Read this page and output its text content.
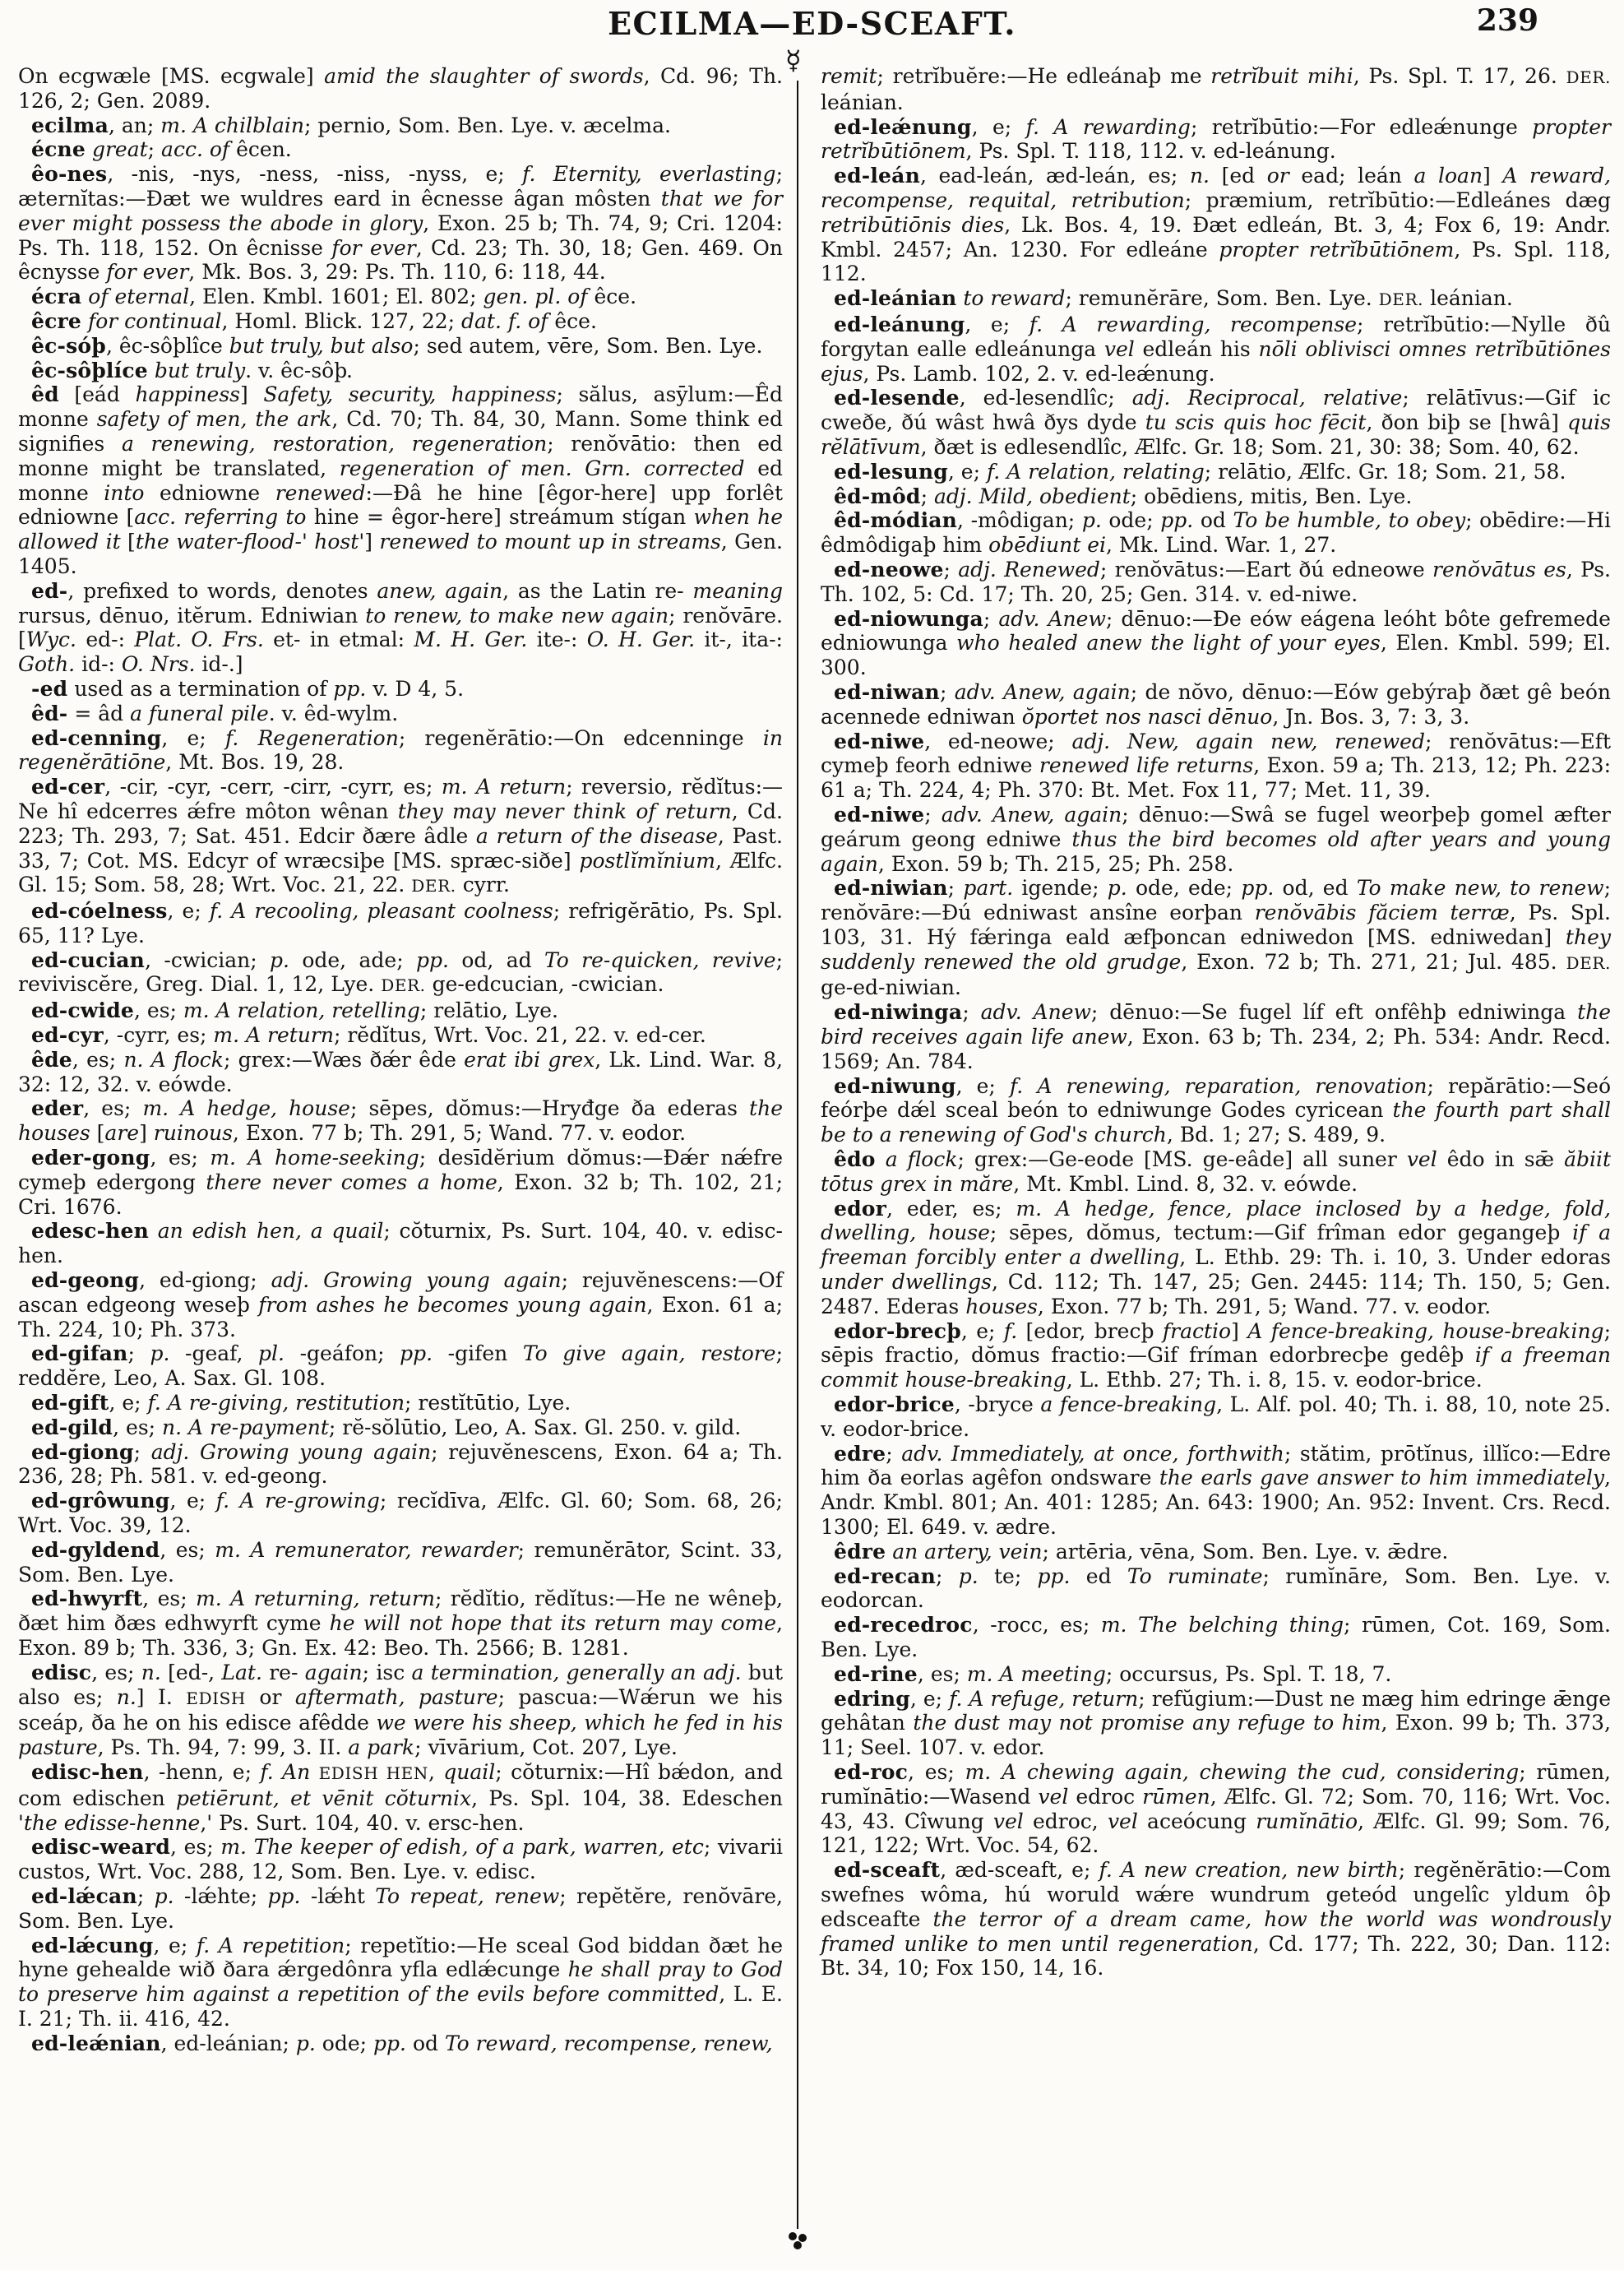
ECILMA—ED-SCEAFT.	239
☿

On ecgwæle [MS. ecgwale] amid the slaughter of swords, Cd. 96; Th. 126, 2; Gen. 2089.

ecilma, an; m. A chilblain; pernio, Som. Ben. Lye. v. æcelma.

écne great; acc. of êcen.

êo-nes, -nis, -nys, -ness, -niss, -nyss, e; f. Eternity, everlasting; æternĭtas:—Ðæt we wuldres eard in êcnesse âgan môsten that we for ever might possess the abode in glory, Exon. 25 b; Th. 74, 9; Cri. 1204: Ps. Th. 118, 152. On êcnisse for ever, Cd. 23; Th. 30, 18; Gen. 469. On êcnysse for ever, Mk. Bos. 3, 29: Ps. Th. 110, 6: 118, 44.

écra of eternal, Elen. Kmbl. 1601; El. 802; gen. pl. of êce.

êcre for continual, Homl. Blick. 127, 22; dat. f. of êce.

êc-sóþ, êc-sôþlîce but truly, but also; sed autem, vēre, Som. Ben. Lye.

êc-sôþlíce but truly. v. êc-sôþ.

êd [eád happiness] Safety, security, happiness; sălus, asȳlum:—Êd monne safety of men, the ark, Cd. 70; Th. 84, 30, Mann. Some think ed signifies a renewing, restoration, regeneration; renŏvātio: then ed monne might be translated, regeneration of men. Grn. corrected ed monne into edniowne renewed:—Ðâ he hine [êgor-here] upp forlêt edniowne [acc. referring to hine = êgor-here] streámum stígan when he allowed it [the water-flood-' host'] renewed to mount up in streams, Gen. 1405.

ed-, prefixed to words, denotes anew, again, as the Latin re- meaning rursus, dēnuo, itĕrum. Edniwian to renew, to make new again; renŏvāre. [Wyc. ed-: Plat. O. Frs. et- in etmal: M. H. Ger. ite-: O. H. Ger. it-, ita-: Goth. id-: O. Nrs. id-.]

-ed used as a termination of pp. v. D 4, 5.

êd- = âd a funeral pile. v. êd-wylm.

ed-cenning, e; f. Regeneration; regenĕrātio:—On edcenninge in regenĕrātiōne, Mt. Bos. 19, 28.

ed-cer, -cir, -cyr, -cerr, -cirr, -cyrr, es; m. A return; reversio, rĕdĭtus:—Ne hî edcerres ǽfre môton wênan they may never think of return, Cd. 223; Th. 293, 7; Sat. 451. Edcir ðære âdle a return of the disease, Past. 33, 7; Cot. MS. Edcyr of wræcsiþe [MS. spræc-siðe] postlĭmĭnium, Ælfc. Gl. 15; Som. 58, 28; Wrt. Voc. 21, 22. DER. cyrr.

ed-cóelness, e; f. A recooling, pleasant coolness; refrigĕrātio, Ps. Spl. 65, 11? Lye.

ed-cucian, -cwician; p. ode, ade; pp. od, ad To re-quicken, revive; reviviscĕre, Greg. Dial. 1, 12, Lye. DER. ge-edcucian, -cwician.

ed-cwide, es; m. A relation, retelling; relātio, Lye.

ed-cyr, -cyrr, es; m. A return; rĕdĭtus, Wrt. Voc. 21, 22. v. ed-cer.

êde, es; n. A flock; grex:—Wæs ðǽr êde erat ibi grex, Lk. Lind. War. 8, 32: 12, 32. v. eówde.

eder, es; m. A hedge, house; sēpes, dŏmus:—Hryđge ða ederas the houses [are] ruinous, Exon. 77 b; Th. 291, 5; Wand. 77. v. eodor.

eder-gong, es; m. A home-seeking; desīdĕrium dŏmus:—Ðǽr nǽfre cymeþ edergong there never comes a home, Exon. 32 b; Th. 102, 21; Cri. 1676.

edesc-hen an edish hen, a quail; cŏturnix, Ps. Surt. 104, 40. v. edisc-hen.

ed-geong, ed-giong; adj. Growing young again; rejuvĕnescens:—Of ascan edgeong weseþ from ashes he becomes young again, Exon. 61 a; Th. 224, 10; Ph. 373.

ed-gifan; p. -geaf, pl. -geáfon; pp. -gifen To give again, restore; reddĕre, Leo, A. Sax. Gl. 108.

ed-gift, e; f. A re-giving, restitution; restĭtūtio, Lye.

ed-gild, es; n. A re-payment; rĕ-sŏlūtio, Leo, A. Sax. Gl. 250. v. gild.

ed-giong; adj. Growing young again; rejuvĕnescens, Exon. 64 a; Th. 236, 28; Ph. 581. v. ed-geong.

ed-grôwung, e; f. A re-growing; recĭdīva, Ælfc. Gl. 60; Som. 68, 26; Wrt. Voc. 39, 12.

ed-gyldend, es; m. A remunerator, rewarder; remunĕrātor, Scint. 33, Som. Ben. Lye.

ed-hwyrft, es; m. A returning, return; rĕdĭtio, rĕdĭtus:—He ne wêneþ, ðæt him ðæs edhwyrft cyme he will not hope that its return may come, Exon. 89 b; Th. 336, 3; Gn. Ex. 42: Beo. Th. 2566; B. 1281.

edisc, es; n. [ed-, Lat. re- again; isc a termination, generally an adj. but also es; n.] I. EDISH or aftermath, pasture; pascua:—Wǽrun we his sceáp, ða he on his edisce afêdde we were his sheep, which he fed in his pasture, Ps. Th. 94, 7: 99, 3. II. a park; vīvārium, Cot. 207, Lye.

edisc-hen, -henn, e; f. An EDISH HEN, quail; cŏturnix:—Hî bǽdon, and com edischen petiērunt, et vēnit cŏturnix, Ps. Spl. 104, 38. Edeschen 'the edisse-henne,' Ps. Surt. 104, 40. v. ersc-hen.

edisc-weard, es; m. The keeper of edish, of a park, warren, etc; vivarii custos, Wrt. Voc. 288, 12, Som. Ben. Lye. v. edisc.

ed-lǽcan; p. -lǽhte; pp. -lǽht To repeat, renew; repĕtĕre, renŏvāre, Som. Ben. Lye.

ed-lǽcung, e; f. A repetition; repetĭtio:—He sceal God biddan ðæt he hyne gehealde wið ðara ǽrgedônra yfla edlǽcunge he shall pray to God to preserve him against a repetition of the evils before committed, L. E. I. 21; Th. ii. 416, 42.

ed-leǽnian, ed-leánian; p. ode; pp. od To reward, recompense, renew,

remit; retrĭbuĕre:—He edleánaþ me retrĭbuit mihi, Ps. Spl. T. 17, 26. DER. leánian.

ed-leǽnung, e; f. A rewarding; retrĭbūtio:—For edleǽnunge propter retrĭbūtiōnem, Ps. Spl. T. 118, 112. v. ed-leánung.

ed-leán, ead-leán, æd-leán, es; n. [ed or ead; leán a loan] A reward, recompense, requital, retribution; præmium, retrĭbūtio:—Edleánes dæg retribūtiōnis dies, Lk. Bos. 4, 19. Ðæt edleán, Bt. 3, 4; Fox 6, 19: Andr. Kmbl. 2457; An. 1230. For edleáne propter retrĭbūtiōnem, Ps. Spl. 118, 112.

ed-leánian to reward; remunĕrāre, Som. Ben. Lye. DER. leánian.

ed-leánung, e; f. A rewarding, recompense; retrĭbūtio:—Nylle ðû forgytan ealle edleánunga vel edleán his nōli oblivisci omnes retrĭbūtiōnes ejus, Ps. Lamb. 102, 2. v. ed-leǽnung.

ed-lesende, ed-lesendlîc; adj. Reciprocal, relative; relātīvus:—Gif ic cweðe, ðú wâst hwâ ðys dyde tu scis quis hoc fēcit, ðon biþ se [hwâ] quis rĕlātīvum, ðæt is edlesendlîc, Ælfc. Gr. 18; Som. 21, 30: 38; Som. 40, 62.

ed-lesung, e; f. A relation, relating; relātio, Ælfc. Gr. 18; Som. 21, 58.

êd-môd; adj. Mild, obedient; obēdiens, mitis, Ben. Lye.

êd-módian, -môdigan; p. ode; pp. od To be humble, to obey; obēdire:—Hi êdmôdigaþ him obēdiunt ei, Mk. Lind. War. 1, 27.

ed-neowe; adj. Renewed; renŏvātus:—Eart ðú edneowe renŏvātus es, Ps. Th. 102, 5: Cd. 17; Th. 20, 25; Gen. 314. v. ed-niwe.

ed-niowunga; adv. Anew; dēnuo:—Ðe eów eágena leóht bôte gefremede edniowunga who healed anew the light of your eyes, Elen. Kmbl. 599; El. 300.

ed-niwan; adv. Anew, again; de nŏvo, dēnuo:—Eów gebýraþ ðæt gê beón acennede edniwan ŏportet nos nasci dēnuo, Jn. Bos. 3, 7: 3, 3.

ed-niwe, ed-neowe; adj. New, again new, renewed; renŏvātus:—Eft cymeþ feorh edniwe renewed life returns, Exon. 59 a; Th. 213, 12; Ph. 223: 61 a; Th. 224, 4; Ph. 370: Bt. Met. Fox 11, 77; Met. 11, 39.

ed-niwe; adv. Anew, again; dēnuo:—Swâ se fugel weorþeþ gomel æfter geárum geong edniwe thus the bird becomes old after years and young again, Exon. 59 b; Th. 215, 25; Ph. 258.

ed-niwian; part. igende; p. ode, ede; pp. od, ed To make new, to renew; renŏvāre:—Ðú edniwast ansîne eorþan renŏvābis făciem terræ, Ps. Spl. 103, 31. Hý fǽringa eald æfþoncan edniwedon [MS. edniwedan] they suddenly renewed the old grudge, Exon. 72 b; Th. 271, 21; Jul. 485. DER. ge-ed-niwian.

ed-niwinga; adv. Anew; dēnuo:—Se fugel líf eft onfêhþ edniwinga the bird receives again life anew, Exon. 63 b; Th. 234, 2; Ph. 534: Andr. Recd. 1569; An. 784.

ed-niwung, e; f. A renewing, reparation, renovation; repărātio:—Seó feórþe dǽl sceal beón to edniwunge Godes cyricean the fourth part shall be to a renewing of God's church, Bd. 1; 27; S. 489, 9.

êdo a flock; grex:—Ge-eode [MS. ge-eâde] all suner vel êdo in sǣ ăbiit tōtus grex in măre, Mt. Kmbl. Lind. 8, 32. v. eówde.

edor, eder, es; m. A hedge, fence, place inclosed by a hedge, fold, dwelling, house; sēpes, dŏmus, tectum:—Gif frîman edor gegangeþ if a freeman forcibly enter a dwelling, L. Ethb. 29: Th. i. 10, 3. Under edoras under dwellings, Cd. 112; Th. 147, 25; Gen. 2445: 114; Th. 150, 5; Gen. 2487. Ederas houses, Exon. 77 b; Th. 291, 5; Wand. 77. v. eodor.

edor-brecþ, e; f. [edor, brecþ fractio] A fence-breaking, house-breaking; sēpis fractio, dŏmus fractio:—Gif fríman edorbrecþe gedêþ if a freeman commit house-breaking, L. Ethb. 27; Th. i. 8, 15. v. eodor-brice.

edor-brice, -bryce a fence-breaking, L. Alf. pol. 40; Th. i. 88, 10, note 25. v. eodor-brice.

edre; adv. Immediately, at once, forthwith; stătim, prōtĭnus, illĭco:—Edre him ða eorlas agêfon ondsware the earls gave answer to him immediately, Andr. Kmbl. 801; An. 401: 1285; An. 643: 1900; An. 952: Invent. Crs. Recd. 1300; El. 649. v. ædre.

êdre an artery, vein; artēria, vēna, Som. Ben. Lye. v. ǣdre.

ed-recan; p. te; pp. ed To ruminate; rumĭnāre, Som. Ben. Lye. v. eodorcan.

ed-recedroc, -rocc, es; m. The belching thing; rūmen, Cot. 169, Som. Ben. Lye.

ed-rine, es; m. A meeting; occursus, Ps. Spl. T. 18, 7.

edring, e; f. A refuge, return; refŭgium:—Dust ne mæg him edringe ǣnge gehâtan the dust may not promise any refuge to him, Exon. 99 b; Th. 373, 11; Seel. 107. v. edor.

ed-roc, es; m. A chewing again, chewing the cud, considering; rūmen, rumĭnātio:—Wasend vel edroc rūmen, Ælfc. Gl. 72; Som. 70, 116; Wrt. Voc. 43, 43. Cîwung vel edroc, vel aceócung rumĭnātio, Ælfc. Gl. 99; Som. 76, 121, 122; Wrt. Voc. 54, 62.

ed-sceaft, æd-sceaft, e; f. A new creation, new birth; regĕnĕrātio:—Com swefnes wôma, hú woruld wǽre wundrum geteód ungelîc yldum ôþ edsceafte the terror of a dream came, how the world was wondrously framed unlike to men until regeneration, Cd. 177; Th. 222, 30; Dan. 112: Bt. 34, 10; Fox 150, 14, 16.
